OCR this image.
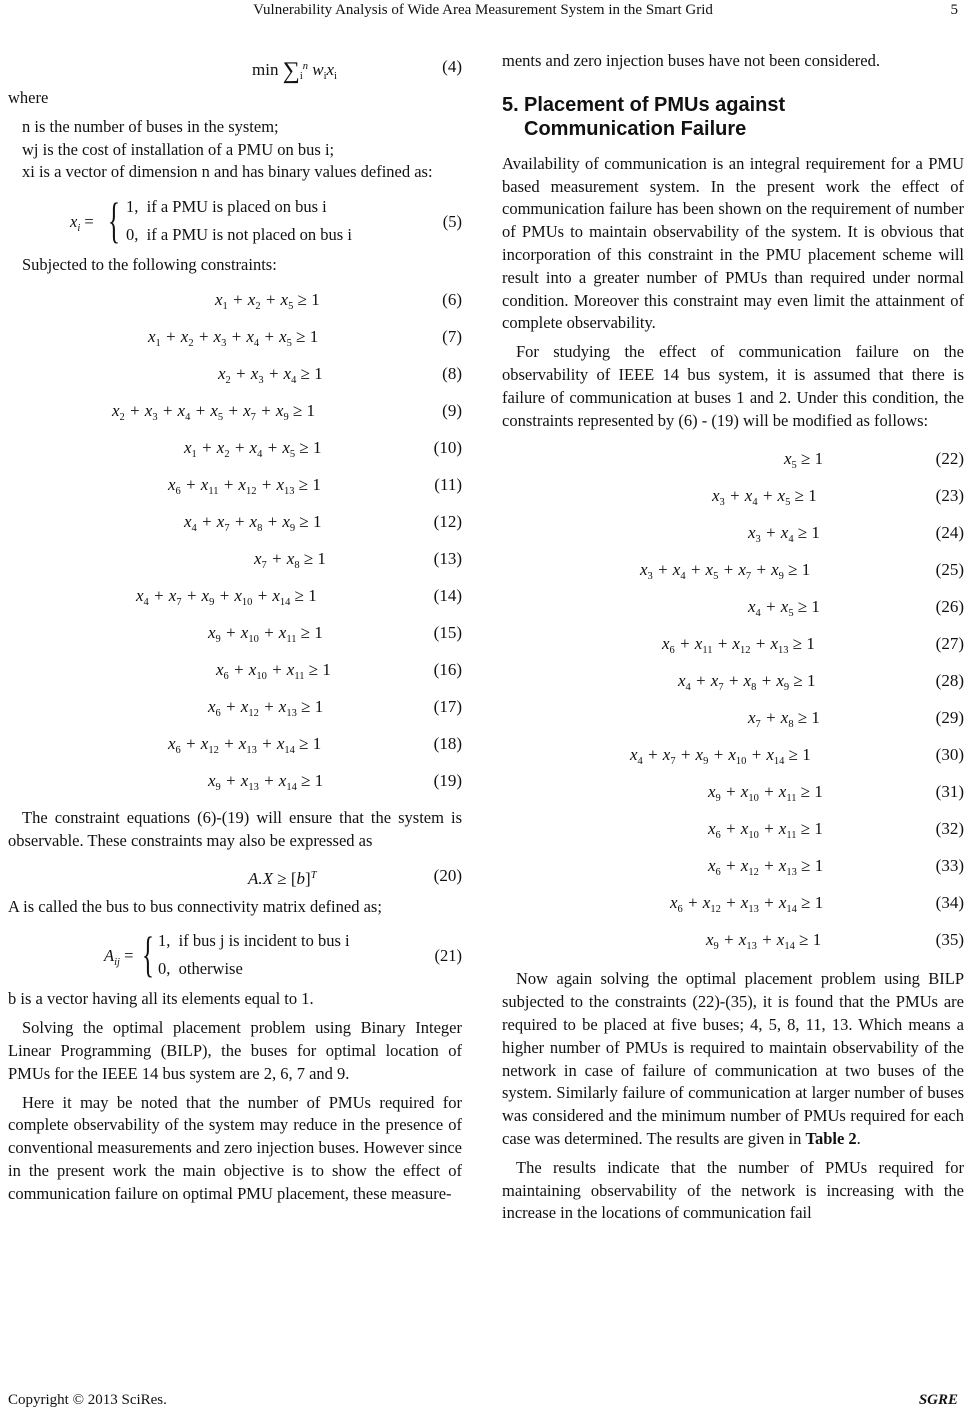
Vulnerability Analysis of Wide Area Measurement System in the Smart Grid	5
$\min \sum_i^n$ $w_ix_i$
(4)

where

n is the number of buses in the system;

wj is the cost of installation of a PMU on bus i;

xi is a vector of dimension n and has binary values defined as:

$x_i$ = { 1,  if a PMU is placed on bus i
0,  if a PMU is not placed on bus i
(5)

Subjected to the following constraints:

$x_1 + x_2 + x_5 \ge 1$	(6)
$x_1 + x_2 + x_3 + x_4 + x_5 \ge 1$	(7)
$x_2 + x_3 + x_4 \ge 1$	(8)
$x_2 + x_3 + x_4 + x_5 + x_7 + x_9 \ge 1$	(9)
$x_1 + x_2 + x_4 + x_5 \ge 1$	(10)
$x_6 + x_{11} + x_{12} + x_{13} \ge 1$	(11)
$x_4 + x_7 + x_8 + x_9 \ge 1$	(12)
$x_7 + x_8 \ge 1$	(13)
$x_4 + x_7 + x_9 + x_{10} + x_{14} \ge 1$	(14)
$x_9 + x_{10} + x_{11} \ge 1$	(15)
$x_6 + x_{10} + x_{11} \ge 1$	(16)
$x_6 + x_{12} + x_{13} \ge 1$	(17)
$x_6 + x_{12} + x_{13} + x_{14} \ge 1$	(18)
$x_9 + x_{13} + x_{14} \ge 1$	(19)

The constraint equations (6)-(19) will ensure that the system is observable. These constraints may also be expressed as

$A.X \ge [b]^T$	(20)

A is called the bus to bus connectivity matrix defined as;

$A_{ij}$ = { 1,  if bus j is incident to bus i
0,  otherwise
(21)

b is a vector having all its elements equal to 1.

Solving the optimal placement problem using Binary Integer Linear Programming (BILP), the buses for optimal location of PMUs for the IEEE 14 bus system are 2, 6, 7 and 9.

Here it may be noted that the number of PMUs required for complete observability of the system may reduce in the presence of conventional measurements and zero injection buses. However since in the present work the main objective is to show the effect of communication failure on optimal PMU placement, these measure-

ments and zero injection buses have not been considered.

5. Placement of PMUs against
Communication Failure

Availability of communication is an integral requirement for a PMU based measurement system. In the present work the effect of communication failure has been shown on the requirement of number of PMUs to maintain observability of the system. It is obvious that incorporation of this constraint in the PMU placement scheme will result into a greater number of PMUs than required under normal condition. Moreover this constraint may even limit the attainment of complete observability.

For studying the effect of communication failure on the observability of IEEE 14 bus system, it is assumed that there is failure of communication at buses 1 and 2. Under this condition, the constraints represented by (6) - (19) will be modified as follows:

$x_5 \ge 1$	(22)
$x_3 + x_4 + x_5 \ge 1$	(23)
$x_3 + x_4 \ge 1$	(24)
$x_3 + x_4 + x_5 + x_7 + x_9 \ge 1$	(25)
$x_4 + x_5 \ge 1$	(26)
$x_6 + x_{11} + x_{12} + x_{13} \ge 1$	(27)
$x_4 + x_7 + x_8 + x_9 \ge 1$	(28)
$x_7 + x_8 \ge 1$	(29)
$x_4 + x_7 + x_9 + x_{10} + x_{14} \ge 1$	(30)
$x_9 + x_{10} + x_{11} \ge 1$	(31)
$x_6 + x_{10} + x_{11} \ge 1$	(32)
$x_6 + x_{12} + x_{13} \ge 1$	(33)
$x_6 + x_{12} + x_{13} + x_{14} \ge 1$	(34)
$x_9 + x_{13} + x_{14} \ge 1$	(35)

Now again solving the optimal placement problem using BILP subjected to the constraints (22)-(35), it is found that the PMUs are required to be placed at five buses; 4, 5, 8, 11, 13. Which means a higher number of PMUs is required to maintain observability of the network in case of failure of communication at two buses of the system. Similarly failure of communication at larger number of buses was considered and the minimum number of PMUs required for each case was determined. The results are given in Table 2.

The results indicate that the number of PMUs required for maintaining observability of the network is increasing with the increase in the locations of communication fail

Copyright © 2013 SciRes.	SGRE
